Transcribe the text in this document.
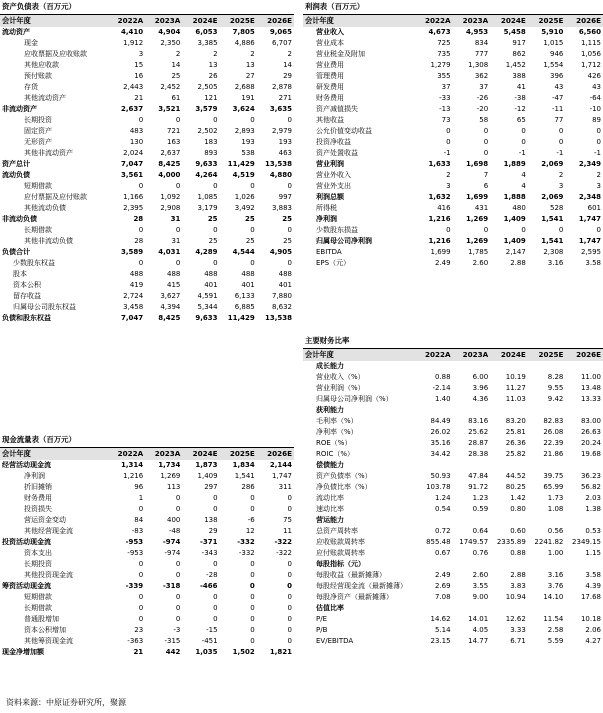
资产负债表（百万元）
会计年度	2022A	2023A	2024E	2025E	2026E
流动资产	4,410	4,904	6,053	7,805	9,065
现金	1,912	2,350	3,385	4,886	6,707
应收票据及应收账款	3	2	2	2	2
其他应收款	15	14	13	13	14
预付账款	16	25	26	27	29
存货	2,443	2,452	2,505	2,688	2,878
其他流动资产	21	61	121	191	271
非流动资产	2,637	3,521	3,579	3,624	3,635
长期投资	0	0	0	0	0
固定资产	483	721	2,502	2,893	2,979
无形资产	130	163	183	193	193
其他非流动资产	2,024	2,637	893	538	463
资产总计	7,047	8,425	9,633	11,429	13,538
流动负债	3,561	4,000	4,264	4,519	4,880
短期借款	0	0	0	0	0
应付票据及应付账款	1,166	1,092	1,085	1,026	997
其他流动负债	2,395	2,908	3,179	3,492	3,883
非流动负债	28	31	25	25	25
长期借款	0	0	0	0	0
其他非流动负债	28	31	25	25	25
负债合计	3,589	4,031	4,289	4,544	4,905
少数股东权益	0	0	0	0	0
股本	488	488	488	488	488
资本公积	419	415	401	401	401
留存收益	2,724	3,627	4,591	6,133	7,880
归属母公司股东权益	3,458	4,394	5,344	6,885	8,632
负债和股东权益	7,047	8,425	9,633	11,429	13,538
利润表（百万元）
会计年度	2022A	2023A	2024E	2025E	2026E
营业收入	4,673	4,953	5,458	5,910	6,560
营业成本	725	834	917	1,015	1,115
营业税金及附加	735	777	862	946	1,056
营业费用	1,279	1,308	1,452	1,554	1,712
管理费用	355	362	388	396	426
研发费用	37	37	41	43	43
财务费用	-33	-26	-38	-47	-64
资产减值损失	-13	-20	-12	-11	-10
其他收益	73	58	65	77	89
公允价值变动收益	0	0	0	0	0
投资净收益	0	0	0	0	0
资产处置收益	-1	0	-1	-1	-1
营业利润	1,633	1,698	1,889	2,069	2,349
营业外收入	2	7	4	2	2
营业外支出	3	6	4	3	3
利润总额	1,632	1,699	1,888	2,069	2,348
所得税	416	431	480	528	601
净利润	1,216	1,269	1,409	1,541	1,747
少数股东损益	0	0	0	0	0
归属母公司净利润	1,216	1,269	1,409	1,541	1,747
EBITDA	1,699	1,785	2,147	2,308	2,595
EPS（元）	2.49	2.60	2.88	3.16	3.58
主要财务比率
会计年度	2022A	2023A	2024E	2025E	2026E
成长能力					
营业收入（%）	0.88	6.00	10.19	8.28	11.00
营业利润（%）	-2.14	3.96	11.27	9.55	13.48
归属母公司净利润（%）	1.40	4.36	11.03	9.42	13.33
获利能力					
毛利率（%）	84.49	83.16	83.20	82.83	83.00
净利率（%）	26.02	25.62	25.81	26.08	26.63
ROE（%）	35.16	28.87	26.36	22.39	20.24
ROIC（%）	34.42	28.38	25.82	21.86	19.68
偿债能力					
资产负债率（%）	50.93	47.84	44.52	39.75	36.23
净负债比率（%）	103.78	91.72	80.25	65.99	56.82
流动比率	1.24	1.23	1.42	1.73	2.03
速动比率	0.54	0.59	0.80	1.08	1.38
营运能力					
总资产周转率	0.72	0.64	0.60	0.56	0.53
应收账款周转率	855.48	1749.57	2335.89	2241.82	2349.15
应付账款周转率	0.67	0.76	0.88	1.00	1.15
每股指标（元）					
每股收益（最新摊薄）	2.49	2.60	2.88	3.16	3.58
每股经营现金流（最新摊薄）	2.69	3.55	3.83	3.76	4.39
每股净资产（最新摊薄）	7.08	9.00	10.94	14.10	17.68
估值比率					
P/E	14.62	14.01	12.62	11.54	10.18
P/B	5.14	4.05	3.33	2.58	2.06
EV/EBITDA	23.15	14.77	6.71	5.59	4.27
现金流量表（百万元）
会计年度	2022A	2023A	2024E	2025E	2026E
经营活动现金流	1,314	1,734	1,873	1,834	2,144
净利润	1,216	1,269	1,409	1,541	1,747
折旧摊销	96	113	297	286	311
财务费用	1	0	0	0	0
投资损失	0	0	0	0	0
营运资金变动	84	400	138	-6	75
其他经营现金流	-83	-48	29	12	11
投资活动现金流	-953	-974	-371	-332	-322
资本支出	-953	-974	-343	-332	-322
长期投资	0	0	0	0	0
其他投资现金流	0	0	-28	0	0
筹资活动现金流	-339	-318	-466	0	0
短期借款	0	0	0	0	0
长期借款	0	0	0	0	0
普通股增加	0	0	0	0	0
资本公积增加	23	-3	-15	0	0
其他筹资现金流	-363	-315	-451	0	0
现金净增加额	21	442	1,035	1,502	1,821
资料来源：中原证券研究所，聚源
